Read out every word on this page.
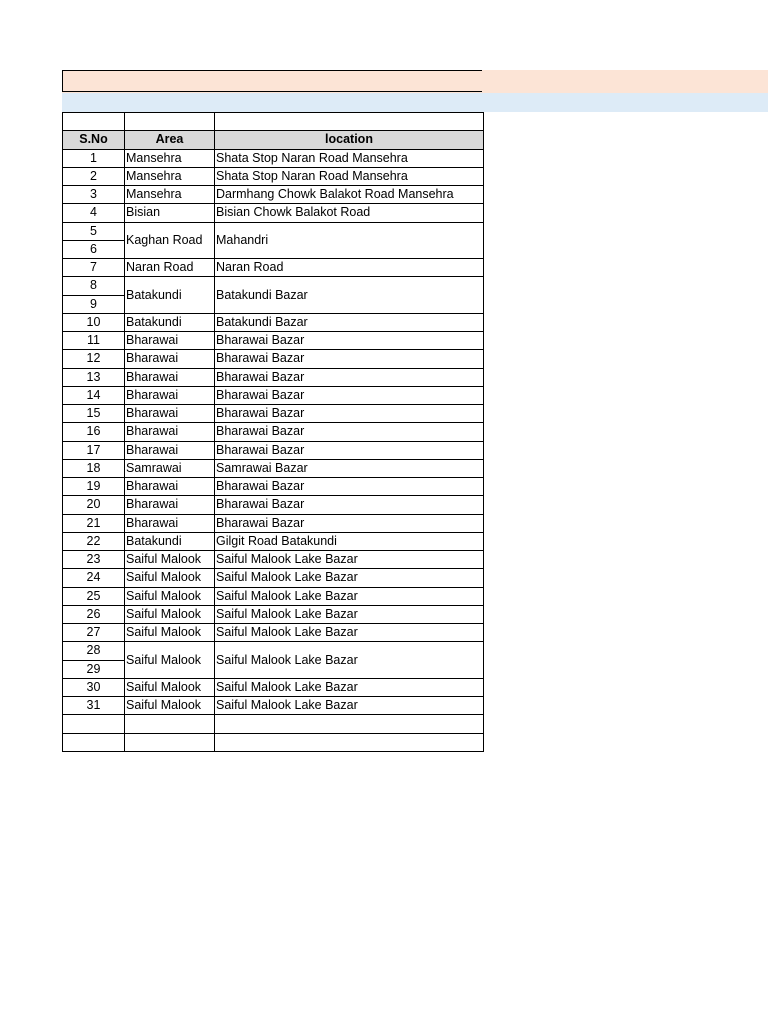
S.No	Area	location
1	Mansehra	Shata Stop Naran Road Mansehra
2	Mansehra	Shata Stop Naran Road Mansehra
3	Mansehra	Darmhang Chowk Balakot Road Mansehra
4	Bisian	Bisian Chowk Balakot Road
5	Kaghan Road	Mahandri
6		
7	Naran Road	Naran Road
8	Batakundi	Batakundi Bazar
9		
10	Batakundi	Batakundi Bazar
11	Bharawai	Bharawai Bazar
12	Bharawai	Bharawai Bazar
13	Bharawai	Bharawai Bazar
14	Bharawai	Bharawai Bazar
15	Bharawai	Bharawai Bazar
16	Bharawai	Bharawai Bazar
17	Bharawai	Bharawai Bazar
18	Samrawai	Samrawai Bazar
19	Bharawai	Bharawai Bazar
20	Bharawai	Bharawai Bazar
21	Bharawai	Bharawai Bazar
22	Batakundi	Gilgit Road Batakundi
23	Saiful Malook	Saiful Malook Lake Bazar
24	Saiful Malook	Saiful Malook Lake Bazar
25	Saiful Malook	Saiful Malook Lake Bazar
26	Saiful Malook	Saiful Malook Lake Bazar
27	Saiful Malook	Saiful Malook Lake Bazar
28	Saiful Malook	Saiful Malook Lake Bazar
29		
30	Saiful Malook	Saiful Malook Lake Bazar
31	Saiful Malook	Saiful Malook Lake Bazar
